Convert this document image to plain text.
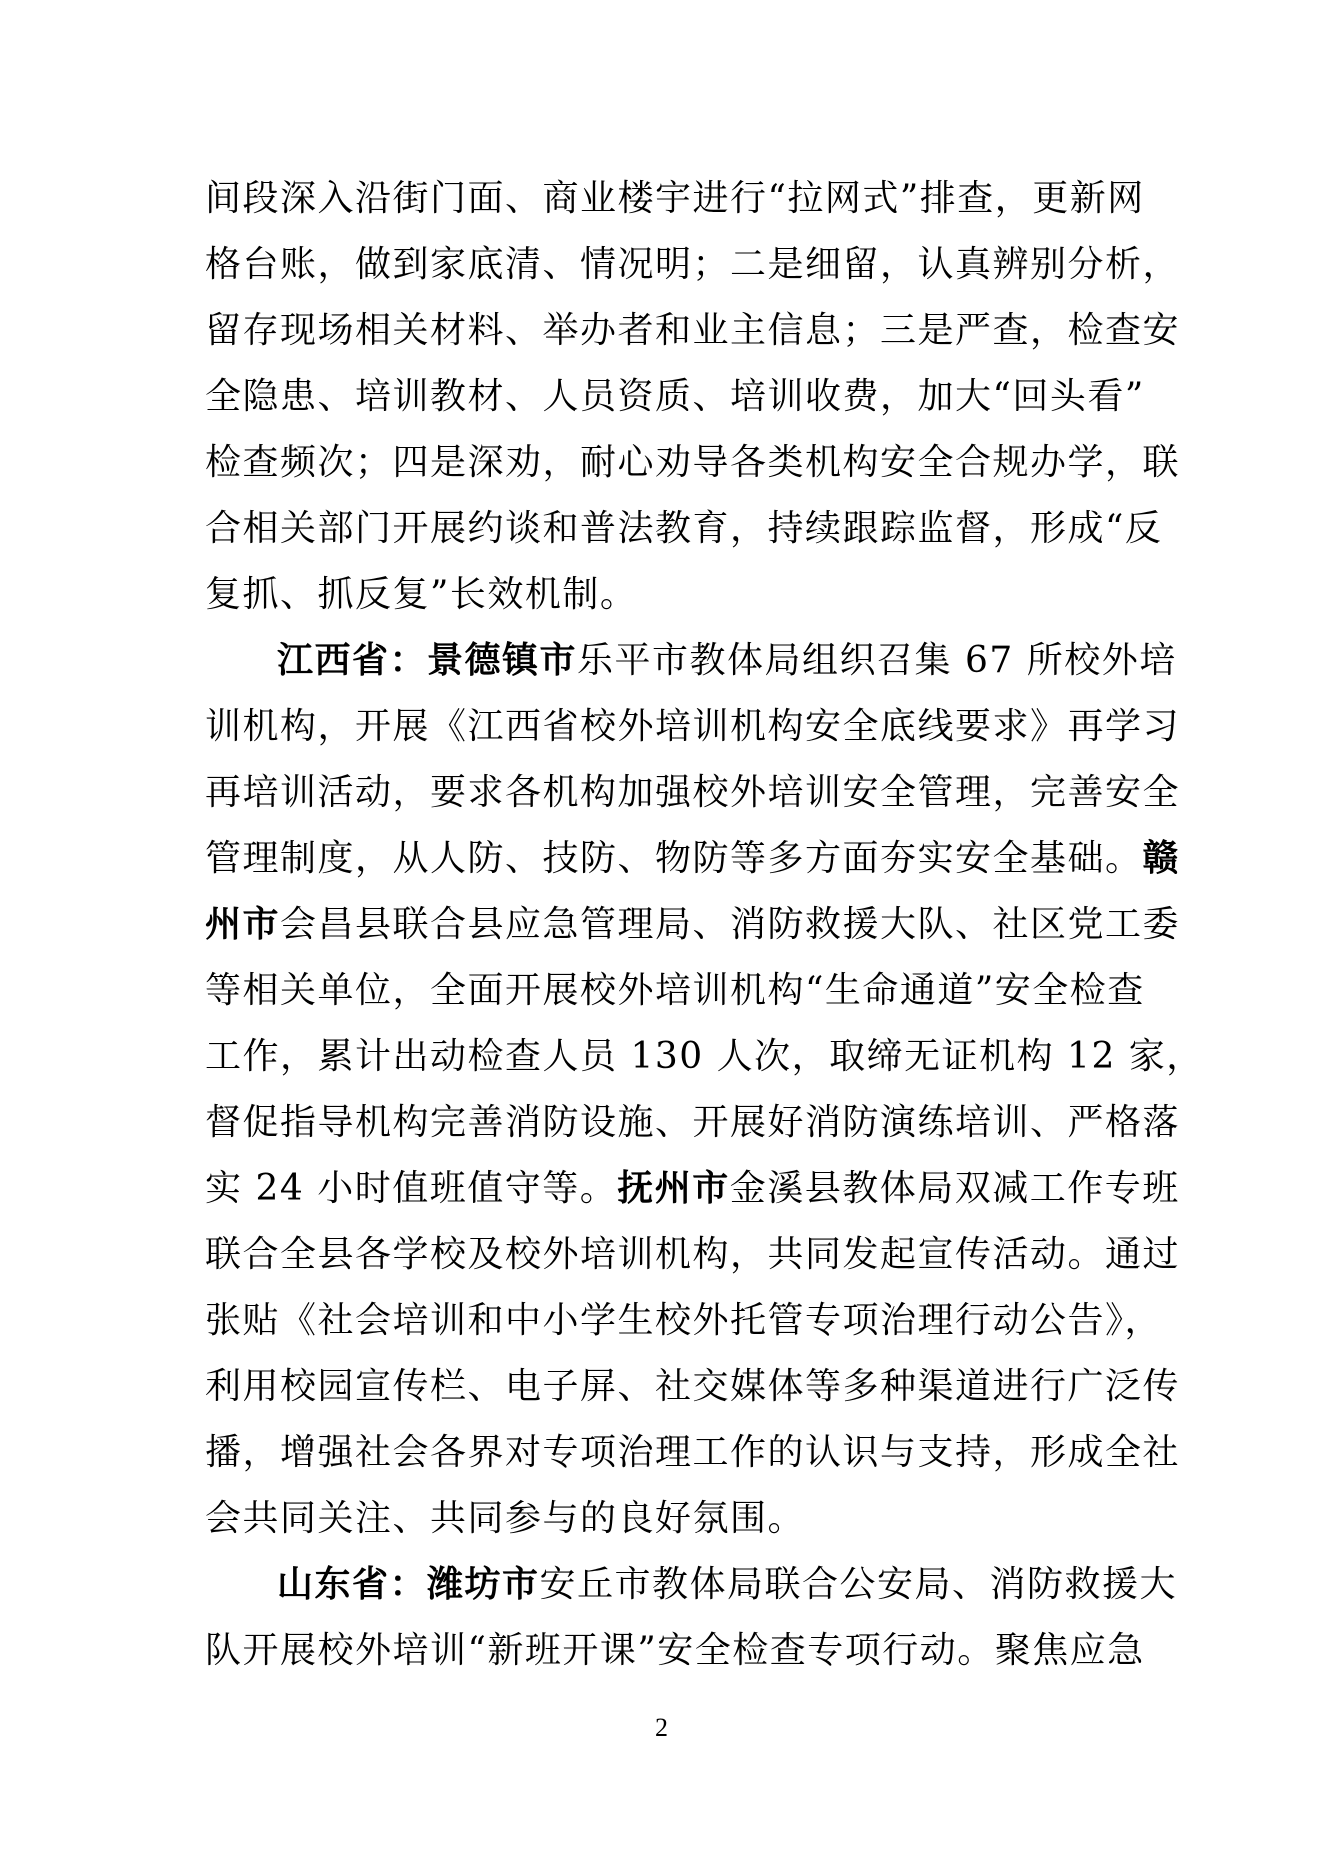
间段深入沿街门面、商业楼宇进行“拉网式”排查，更新网
格台账，做到家底清、情况明；二是细留，认真辨别分析，
留存现场相关材料、举办者和业主信息；三是严查，检查安
全隐患、培训教材、人员资质、培训收费，加大“回头看”
检查频次；四是深劝，耐心劝导各类机构安全合规办学，联
合相关部门开展约谈和普法教育，持续跟踪监督，形成“反
复抓、抓反复”长效机制。
江西省：景德镇市乐平市教体局组织召集 67 所校外培
训机构，开展《江西省校外培训机构安全底线要求》再学习
再培训活动，要求各机构加强校外培训安全管理，完善安全
管理制度，从人防、技防、物防等多方面夯实安全基础。赣
州市会昌县联合县应急管理局、消防救援大队、社区党工委
等相关单位，全面开展校外培训机构“生命通道”安全检查
工作，累计出动检查人员 130 人次，取缔无证机构 12 家，
督促指导机构完善消防设施、开展好消防演练培训、严格落
实 24 小时值班值守等。抚州市金溪县教体局双减工作专班
联合全县各学校及校外培训机构，共同发起宣传活动。通过
张贴《社会培训和中小学生校外托管专项治理行动公告》，
利用校园宣传栏、电子屏、社交媒体等多种渠道进行广泛传
播，增强社会各界对专项治理工作的认识与支持，形成全社
会共同关注、共同参与的良好氛围。
山东省：潍坊市安丘市教体局联合公安局、消防救援大
队开展校外培训“新班开课”安全检查专项行动。聚焦应急
2
